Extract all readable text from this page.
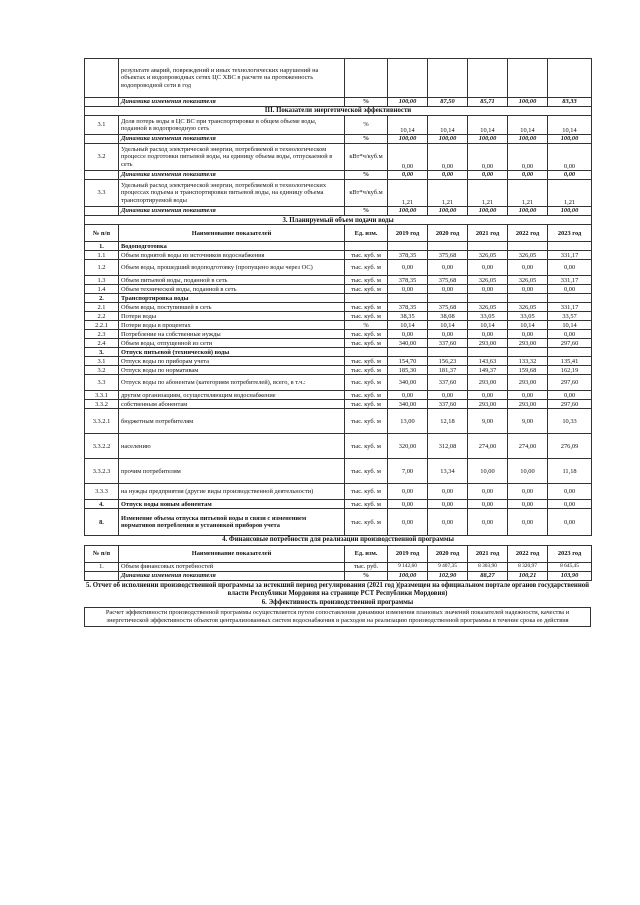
	результате аварий, повреждений и иных технологических нарушений на объектах и водопроводных сетях ЦС ХВС в расчете на протяженность водопроводной сети в год						
	Динамика изменения показателя	%	100,00	87,50	85,71	100,00	83,33
III. Показатели энергетической эффективности							
3.1	Доля потерь воды в ЦС ВС при транспортировке в общем объеме воды, поданной в водопроводную сеть	%	10,14	10,14	10,14	10,14	10,14
	Динамика изменения показателя	%	100,00	100,00	100,00	100,00	100,00
3.2	Удельный расход электрической энергии, потребляемой в технологическом процессе подготовки питьевой воды, на единицу объема воды, отпускаемой в сеть	кВт*ч/куб.м	0,00	0,00	0,00	0,00	0,00
	Динамика изменения показателя	%	0,00	0,00	0,00	0,00	0,00
3.3	Удельный расход электрической энергии, потребляемой в технологических процессах подъема и транспортировки питьевой воды, на единицу объема транспортируемой воды	кВт*ч/куб.м	1,21	1,21	1,21	1,21	1,21
	Динамика изменения показателя	%	100,00	100,00	100,00	100,00	100,00
3. Планируемый объем подачи воды							
№ п/п	Наименование показателей	Ед. изм.	2019 год	2020 год	2021 год	2022 год	2023 год
1.	Водоподготовка						
1.1	Объем поднятой воды из источников водоснабжения	тыс. куб. м	378,35	375,68	326,05	326,05	331,17
1.2	Объем воды, прошедший водоподготовку (пропущено воды через ОС)	тыс. куб. м	0,00	0,00	0,00	0,00	0,00
1.3	Объем питьевой воды, поданной в сеть	тыс. куб. м	378,35	375,68	326,05	326,05	331,17
1.4	Объем технической воды, поданной в сеть	тыс. куб. м	0,00	0,00	0,00	0,00	0,00
2.	Транспортировка воды						
2.1	Объем воды, поступившей в сеть	тыс. куб. м	378,35	375,68	326,05	326,05	331,17
2.2	Потери воды	тыс. куб. м	38,35	38,08	33,05	33,05	33,57
2.2.1	Потери воды в процентах	%	10,14	10,14	10,14	10,14	10,14
2.3	Потребление на собственные нужды	тыс. куб. м	0,00	0,00	0,00	0,00	0,00
2.4	Объем воды, отпущенной из сети	тыс. куб. м	340,00	337,60	293,00	293,00	297,60
3.	Отпуск питьевой (технической) воды						
3.1	Отпуск воды по приборам учета	тыс. куб. м	154,70	156,23	143,63	133,32	135,41
3.2	Отпуск воды по нормативам	тыс. куб. м	185,30	181,37	149,37	159,68	162,19
3.3	Отпуск воды по абонентам (категориям потребителей), всего, в т.ч.:	тыс. куб. м	340,00	337,60	293,00	293,00	297,60
3.3.1	другим организациям, осуществляющим водоснабжение	тыс. куб. м	0,00	0,00	0,00	0,00	0,00
3.3.2	собственным абонентам	тыс. куб. м	340,00	337,60	293,00	293,00	297,60
3.3.2.1	бюджетным потребителям	тыс. куб. м	13,00	12,18	9,00	9,00	10,33
3.3.2.2	населению	тыс. куб. м	320,00	312,08	274,00	274,00	276,09
3.3.2.3	прочим потребителям	тыс. куб. м	7,00	13,34	10,00	10,00	11,18
3.3.3	на нужды предприятия (другие виды производственной деятельности)	тыс. куб. м	0,00	0,00	0,00	0,00	0,00
4.	Отпуск воды новым абонентам	тыс. куб. м	0,00	0,00	0,00	0,00	0,00
8.	Изменение объема отпуска питьевой воды в связи с изменением нормативов потребления и установкой приборов учета	тыс. куб. м	0,00	0,00	0,00	0,00	0,00
4. Финансовые потребности для реализации производственной программы							
№ п/п	Наименование показателей	Ед. изм.	2019 год	2020 год	2021 год	2022 год	2023 год
1.	Объем финансовых потребностей	тыс. руб.	9 142,60	9 407,35	8 303,90	8 320,97	8 645,45
	Динамика изменения показателя	%	100,00	102,90	88,27	100,21	103,90
5. Отчет об исполнении производственной программы за истекший период регулирования (2021 год )(размещен на официальном портале органов государственной власти Республики Мордовия на странице РСТ Республики Мордовия)
6. Эффективность производственной программы
Расчет эффективности производственной программы осуществляется путем сопоставления динамики изменения плановых значений показателей надежности, качества и энергетической эффективности объектов централизованных систем водоснабжения и расходов на реализацию производственной программы в течение срока ее действия
